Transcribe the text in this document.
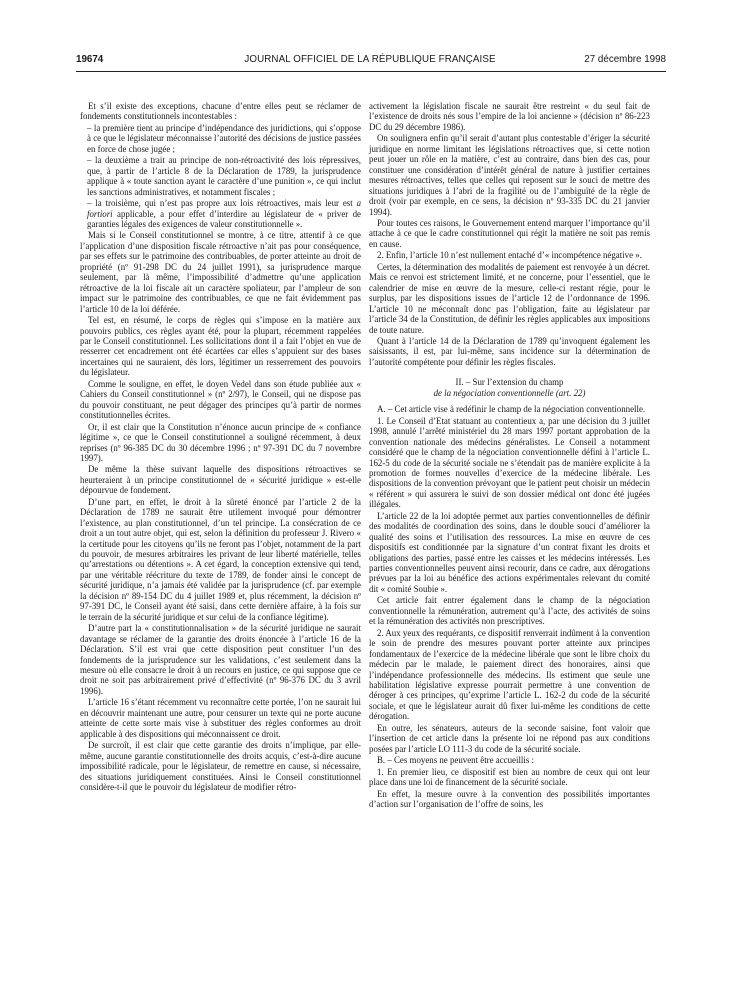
19674	JOURNAL OFFICIEL DE LA RÉPUBLIQUE FRANÇAISE	27 décembre 1998

Et s’il existe des exceptions, chacune d’entre elles peut se réclamer de fondements constitutionnels incontestables :

– la première tient au principe d’indépendance des juridictions, qui s’oppose à ce que le législateur méconnaisse l’autorité des décisions de justice passées en force de chose jugée ;
– la deuxième a trait au principe de non-rétroactivité des lois répressives, que, à partir de l’article 8 de la Déclaration de 1789, la jurisprudence applique à « toute sanction ayant le caractère d’une punition », ce qui inclut les sanctions administratives, et notamment fiscales ;
– la troisième, qui n’est pas propre aux lois rétroactives, mais leur est a fortiori applicable, a pour effet d’interdire au législateur de « priver de garanties légales des exigences de valeur constitutionnelle ».

Mais si le Conseil constitutionnel se montre, à ce titre, attentif à ce que l’application d’une disposition fiscale rétroactive n’ait pas pour conséquence, par ses effets sur le patrimoine des contribuables, de porter atteinte au droit de propriété (nº 91-298 DC du 24 juillet 1991), sa jurisprudence marque seulement, par là même, l’impossibilité d’admettre qu’une application rétroactive de la loi fiscale ait un caractère spoliateur, par l’ampleur de son impact sur le patrimoine des contribuables, ce que ne fait évidemment pas l’article 10 de la loi déférée.

Tel est, en résumé, le corps de règles qui s’impose en la matière aux pouvoirs publics, ces règles ayant été, pour la plupart, récemment rappelées par le Conseil constitutionnel. Les sollicitations dont il a fait l’objet en vue de resserrer cet encadrement ont été écartées car elles s’appuient sur des bases incertaines qui ne sauraient, dès lors, légitimer un resserrement des pouvoirs du législateur.

Comme le souligne, en effet, le doyen Vedel dans son étude publiée aux « Cahiers du Conseil constitutionnel » (nº 2/97), le Conseil, qui ne dispose pas du pouvoir constituant, ne peut dégager des principes qu’à partir de normes constitutionnelles écrites.

Or, il est clair que la Constitution n’énonce aucun principe de « confiance légitime », ce que le Conseil constitutionnel a souligné récemment, à deux reprises (nº 96-385 DC du 30 décembre 1996 ; nº 97-391 DC du 7 novembre 1997).

De même la thèse suivant laquelle des dispositions rétroactives se heurteraient à un principe constitutionnel de « sécurité juridique » est-elle dépourvue de fondement.

D’une part, en effet, le droit à la sûreté énoncé par l’article 2 de la Déclaration de 1789 ne saurait être utilement invoqué pour démontrer l’existence, au plan constitutionnel, d’un tel principe. La consécration de ce droit a un tout autre objet, qui est, selon la définition du professeur J. Rivero « la certitude pour les citoyens qu’ils ne feront pas l’objet, notamment de la part du pouvoir, de mesures arbitraires les privant de leur liberté matérielle, telles qu’arrestations ou détentions ». A cet égard, la conception extensive qui tend, par une véritable réécriture du texte de 1789, de fonder ainsi le concept de sécurité juridique, n’a jamais été validée par la jurisprudence (cf. par exemple la décision nº 89-154 DC du 4 juillet 1989 et, plus récemment, la décision nº 97-391 DC, le Conseil ayant été saisi, dans cette dernière affaire, à la fois sur le terrain de la sécurité juridique et sur celui de la confiance légitime).

D’autre part la « constitutionnalisation » de la sécurité juridique ne saurait davantage se réclamer de la garantie des droits énoncée à l’article 16 de la Déclaration. S’il est vrai que cette disposition peut constituer l’un des fondements de la jurisprudence sur les validations, c’est seulement dans la mesure où elle consacre le droit à un recours en justice, ce qui suppose que ce droit ne soit pas arbitrairement privé d’effectivité (nº 96-376 DC du 3 avril 1996).

L’article 16 s’étant récemment vu reconnaître cette portée, l’on ne saurait lui en découvrir maintenant une autre, pour censurer un texte qui ne porte aucune atteinte de cette sorte mais vise à substituer des règles conformes au droit applicable à des dispositions qui méconnaissent ce droit.

De surcroît, il est clair que cette garantie des droits n’implique, par elle-même, aucune garantie constitutionnelle des droits acquis, c’est-à-dire aucune impossibilité radicale, pour le législateur, de remettre en cause, si nécessaire, des situations juridiquement constituées. Ainsi le Conseil constitutionnel considère-t-il que le pouvoir du législateur de modifier rétro-

activement la législation fiscale ne saurait être restreint « du seul fait de l’existence de droits nés sous l’empire de la loi ancienne » (décision nº 86-223 DC du 29 décembre 1986).

On soulignera enfin qu’il serait d’autant plus contestable d’ériger la sécurité juridique en norme limitant les législations rétroactives que, si cette notion peut jouer un rôle en la matière, c’est au contraire, dans bien des cas, pour constituer une considération d’intérêt général de nature à justifier certaines mesures rétroactives, telles que celles qui reposent sur le souci de mettre des situations juridiques à l’abri de la fragilité ou de l’ambiguïté de la règle de droit (voir par exemple, en ce sens, la décision nº 93-335 DC du 21 janvier 1994).

Pour toutes ces raisons, le Gouvernement entend marquer l’importance qu’il attache à ce que le cadre constitutionnel qui régit la matière ne soit pas remis en cause.

2. Enfin, l’article 10 n’est nullement entaché d’« incompétence négative ».

Certes, la détermination des modalités de paiement est renvoyée à un décret. Mais ce renvoi est strictement limité, et ne concerne, pour l’essentiel, que le calendrier de mise en œuvre de la mesure, celle-ci restant régie, pour le surplus, par les dispositions issues de l’article 12 de l’ordonnance de 1996. L’article 10 ne méconnaît donc pas l’obligation, faite au législateur par l’article 34 de la Constitution, de définir les règles applicables aux impositions de toute nature.

Quant à l’article 14 de la Déclaration de 1789 qu’invoquent également les saisissants, il est, par lui-même, sans incidence sur la détermination de l’autorité compétente pour définir les règles fiscales.

II. – Sur l’extension du champ
de la négociation conventionnelle (art. 22)

A. – Cet article vise à redéfinir le champ de la négociation conventionnelle.

1. Le Conseil d’Etat statuant au contentieux a, par une décision du 3 juillet 1998, annulé l’arrêté ministériel du 28 mars 1997 portant approbation de la convention nationale des médecins généralistes. Le Conseil a notamment considéré que le champ de la négociation conventionnelle défini à l’article L. 162-5 du code de la sécurité sociale ne s’étendait pas de manière explicite à la promotion de formes nouvelles d’exercice de la médecine libérale. Les dispositions de la convention prévoyant que le patient peut choisir un médecin « référent » qui assurera le suivi de son dossier médical ont donc été jugées illégales.

L’article 22 de la loi adoptée permet aux parties conventionnelles de définir des modalités de coordination des soins, dans le double souci d’améliorer la qualité des soins et l’utilisation des ressources. La mise en œuvre de ces dispositifs est conditionnée par la signature d’un contrat fixant les droits et obligations des parties, passé entre les caisses et les médecins intéressés. Les parties conventionnelles peuvent ainsi recourir, dans ce cadre, aux dérogations prévues par la loi au bénéfice des actions expérimentales relevant du comité dit « comité Soubie ».

Cet article fait entrer également dans le champ de la négociation conventionnelle la rémunération, autrement qu’à l’acte, des activités de soins et la rémunération des activités non prescriptives.

2. Aux yeux des requérants, ce dispositif renverrait indûment à la convention le soin de prendre des mesures pouvant porter atteinte aux principes fondamentaux de l’exercice de la médecine libérale que sont le libre choix du médecin par le malade, le paiement direct des honoraires, ainsi que l’indépendance professionnelle des médecins. Ils estiment que seule une habilitation législative expresse pourrait permettre à une convention de déroger à ces principes, qu’exprime l’article L. 162-2 du code de la sécurité sociale, et que le législateur aurait dû fixer lui-même les conditions de cette dérogation.

En outre, les sénateurs, auteurs de la seconde saisine, font valoir que l’insertion de cet article dans la présente loi ne répond pas aux conditions posées par l’article LO 111-3 du code de la sécurité sociale.

B. – Ces moyens ne peuvent être accueillis :

1. En premier lieu, ce dispositif est bien au nombre de ceux qui ont leur place dans une loi de financement de la sécurité sociale.

En effet, la mesure ouvre à la convention des possibilités importantes d’action sur l’organisation de l’offre de soins, les
